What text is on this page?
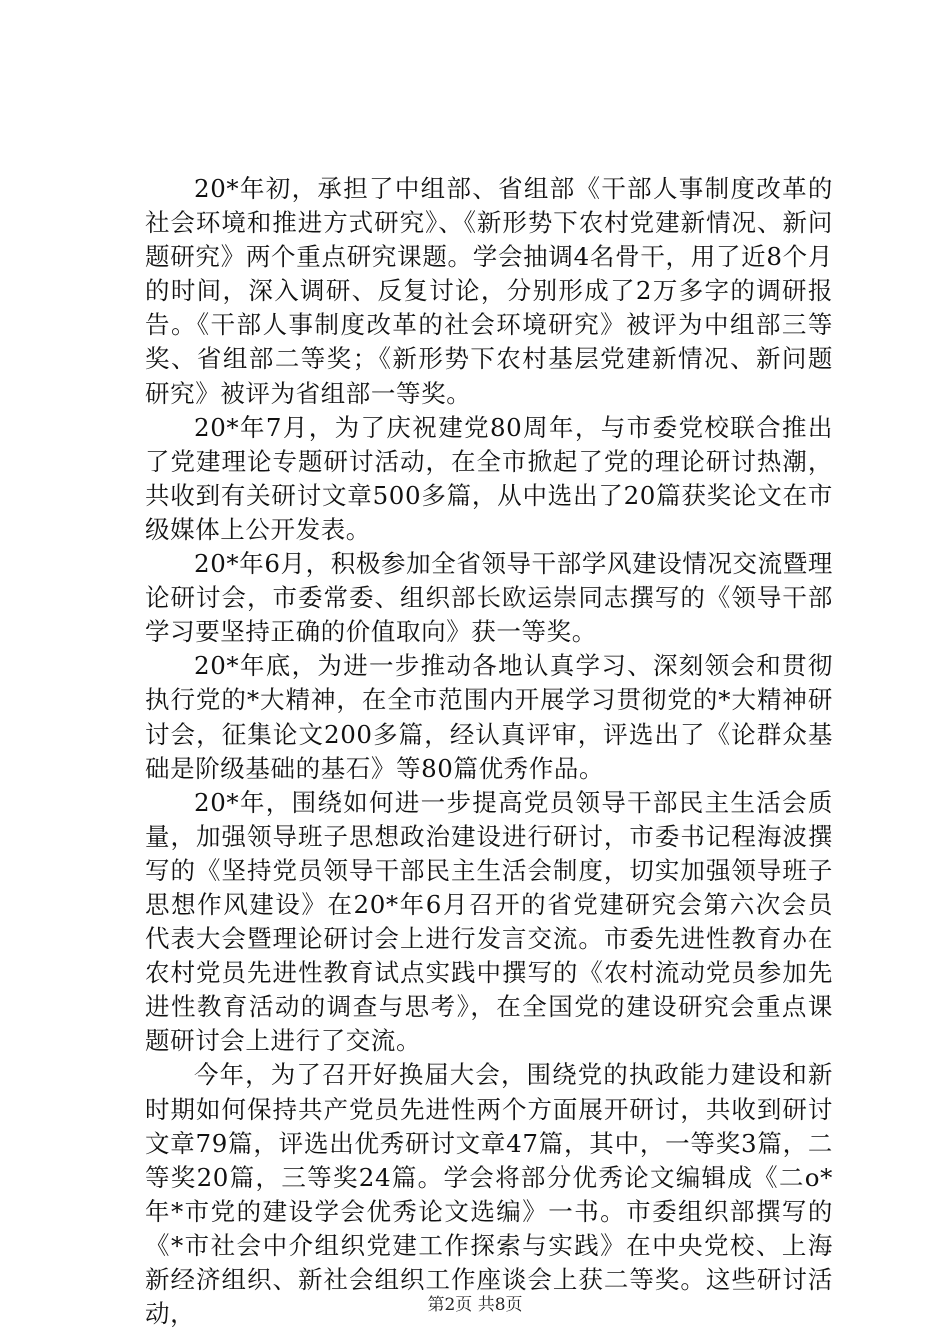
20*年初，承担了中组部、省组部《干部人事制度改革的社会环境和推进方式研究》、《新形势下农村党建新情况、新问题研究》两个重点研究课题。学会抽调4名骨干，用了近8个月的时间，深入调研、反复讨论，分别形成了2万多字的调研报告。《干部人事制度改革的社会环境研究》被评为中组部三等奖、省组部二等奖；《新形势下农村基层党建新情况、新问题研究》被评为省组部一等奖。

20*年7月，为了庆祝建党80周年，与市委党校联合推出了党建理论专题研讨活动，在全市掀起了党的理论研讨热潮，共收到有关研讨文章500多篇，从中选出了20篇获奖论文在市级媒体上公开发表。

20*年6月，积极参加全省领导干部学风建设情况交流暨理论研讨会，市委常委、组织部长欧运崇同志撰写的《领导干部学习要坚持正确的价值取向》获一等奖。

20*年底，为进一步推动各地认真学习、深刻领会和贯彻执行党的*大精神，在全市范围内开展学习贯彻党的*大精神研讨会，征集论文200多篇，经认真评审，评选出了《论群众基础是阶级基础的基石》等80篇优秀作品。

20*年，围绕如何进一步提高党员领导干部民主生活会质量，加强领导班子思想政治建设进行研讨，市委书记程海波撰写的《坚持党员领导干部民主生活会制度，切实加强领导班子思想作风建设》在20*年6月召开的省党建研究会第六次会员代表大会暨理论研讨会上进行发言交流。市委先进性教育办在农村党员先进性教育试点实践中撰写的《农村流动党员参加先进性教育活动的调查与思考》，在全国党的建设研究会重点课题研讨会上进行了交流。

今年，为了召开好换届大会，围绕党的执政能力建设和新时期如何保持共产党员先进性两个方面展开研讨，共收到研讨文章79篇，评选出优秀研讨文章47篇，其中，一等奖3篇，二等奖20篇，三等奖24篇。学会将部分优秀论文编辑成《二o*年*市党的建设学会优秀论文选编》一书。市委组织部撰写的《*市社会中介组织党建工作探索与实践》在中央党校、上海新经济组织、新社会组织工作座谈会上获二等奖。这些研讨活动，	第2页 共8页
